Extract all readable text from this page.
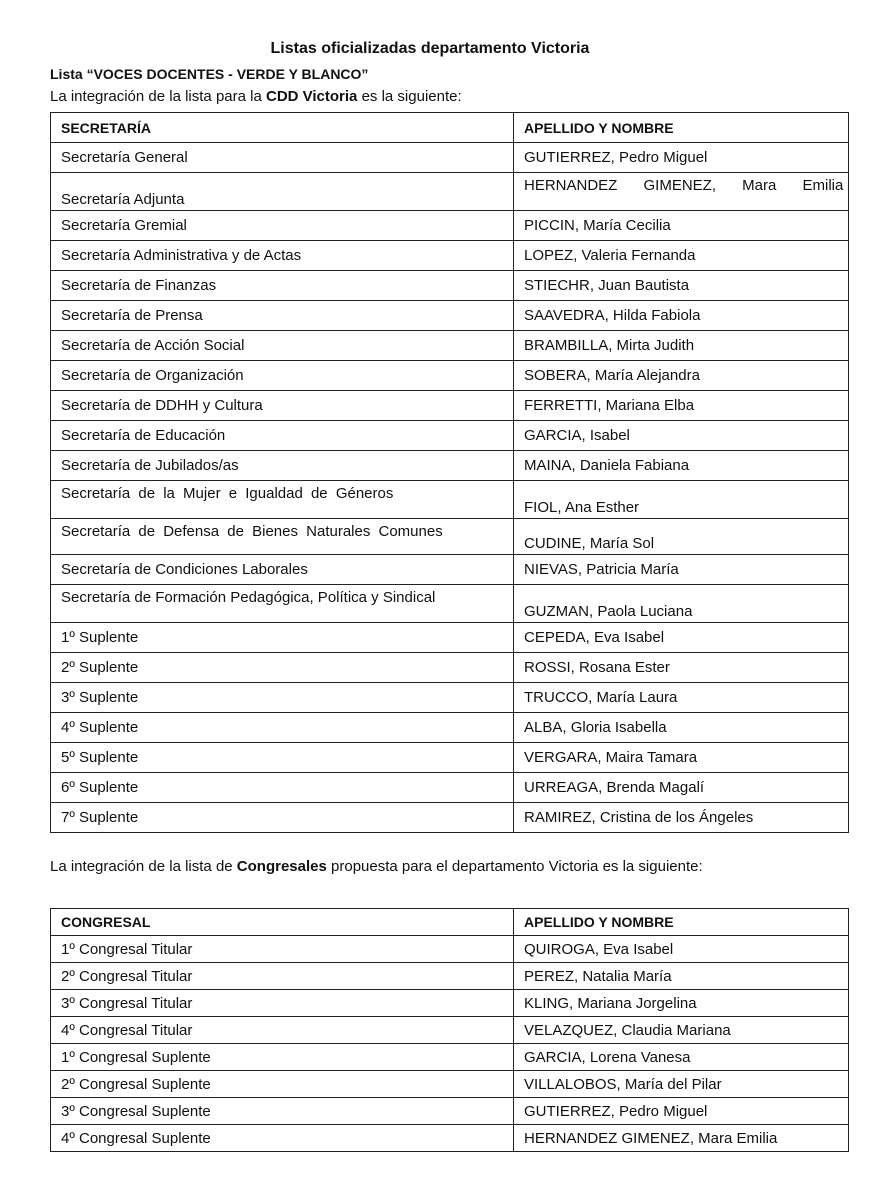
Listas oficializadas departamento Victoria
Lista “VOCES DOCENTES - VERDE Y BLANCO”
La integración de la lista para la CDD Victoria es la siguiente:
SECRETARÍA	APELLIDO Y NOMBRE
Secretaría General	GUTIERREZ, Pedro Miguel
Secretaría Adjunta	HERNANDEZ GIMENEZ, Mara Emilia
Secretaría Gremial	PICCIN, María Cecilia
Secretaría Administrativa y de Actas	LOPEZ, Valeria Fernanda
Secretaría de Finanzas	STIECHR, Juan Bautista
Secretaría de Prensa	SAAVEDRA, Hilda Fabiola
Secretaría de Acción Social	BRAMBILLA, Mirta Judith
Secretaría de Organización	SOBERA, María Alejandra
Secretaría de DDHH y Cultura	FERRETTI, Mariana Elba
Secretaría de Educación	GARCIA, Isabel
Secretaría de Jubilados/as	MAINA, Daniela Fabiana
Secretaría de la Mujer e Igualdad de Géneros	FIOL, Ana Esther
Secretaría de Defensa de Bienes Naturales Comunes	CUDINE, María Sol
Secretaría de Condiciones Laborales	NIEVAS, Patricia María
Secretaría de Formación Pedagógica, Política y Sindical	GUZMAN, Paola Luciana
1º Suplente	CEPEDA, Eva Isabel
2º Suplente	ROSSI, Rosana Ester
3º Suplente	TRUCCO, María Laura
4º Suplente	ALBA, Gloria Isabella
5º Suplente	VERGARA, Maira Tamara
6º Suplente	URREAGA, Brenda Magalí
7º Suplente	RAMIREZ, Cristina de los Ángeles
La integración de la lista de Congresales propuesta para el departamento Victoria es la siguiente:
CONGRESAL	APELLIDO Y NOMBRE
1º Congresal Titular	QUIROGA, Eva Isabel
2º Congresal Titular	PEREZ, Natalia María
3º Congresal Titular	KLING, Mariana Jorgelina
4º Congresal Titular	VELAZQUEZ, Claudia Mariana
1º Congresal Suplente	GARCIA, Lorena Vanesa
2º Congresal Suplente	VILLALOBOS, María del Pilar
3º Congresal Suplente	GUTIERREZ, Pedro Miguel
4º Congresal Suplente	HERNANDEZ GIMENEZ, Mara Emilia
